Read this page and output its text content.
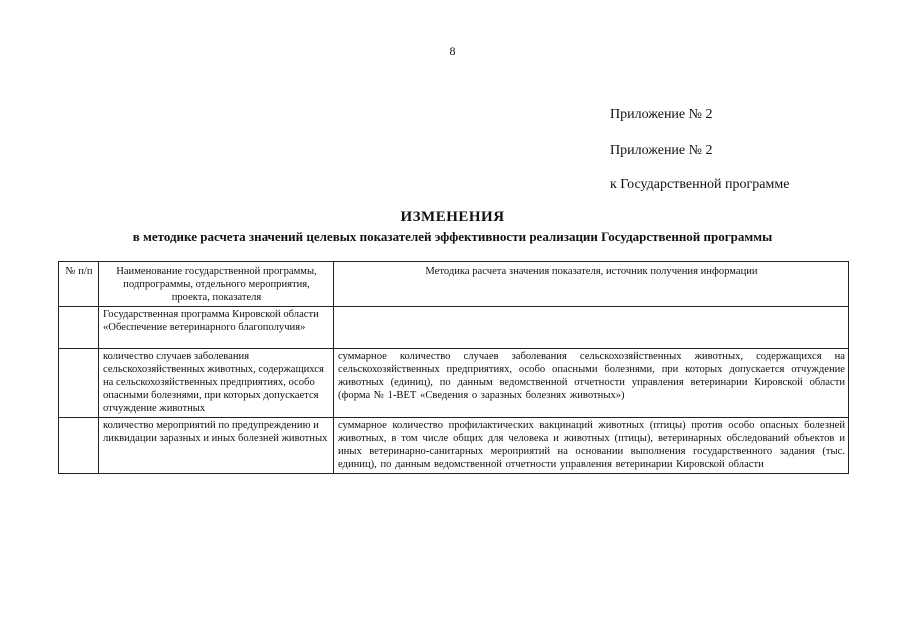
8
Приложение № 2
Приложение № 2
к Государственной программе
ИЗМЕНЕНИЯ
в методике расчета значений целевых показателей эффективности реализации Государственной программы
№ п/п	Наименование государственной программы, подпрограммы, отдельного мероприятия, проекта, показателя	Методика расчета значения показателя, источник получения информации
	Государственная программа Кировской области «Обеспечение ветеринарного благополучия»	
	количество случаев заболевания сельскохозяйственных животных, содержащихся на сельскохозяйственных предприятиях, особо опасными болезнями, при которых допускается отчуждение животных	суммарное количество случаев заболевания сельскохозяйственных животных, содержащихся на сельскохозяйственных предприятиях, особо опасными болезнями, при которых допускается отчуждение животных (единиц), по данным ведомственной отчетности управления ветеринарии Кировской области (форма № 1-ВЕТ «Сведения о заразных болезнях животных»)
	количество мероприятий по предупреждению и ликвидации заразных и иных болезней животных	суммарное количество профилактических вакцинаций животных (птицы) против особо опасных болезней животных, в том числе общих для человека и животных (птицы), ветеринарных обследований объектов и иных ветеринарно-санитарных мероприятий на основании выполнения государственного задания (тыс. единиц), по данным ведомственной отчетности управления ветеринарии Кировской области
